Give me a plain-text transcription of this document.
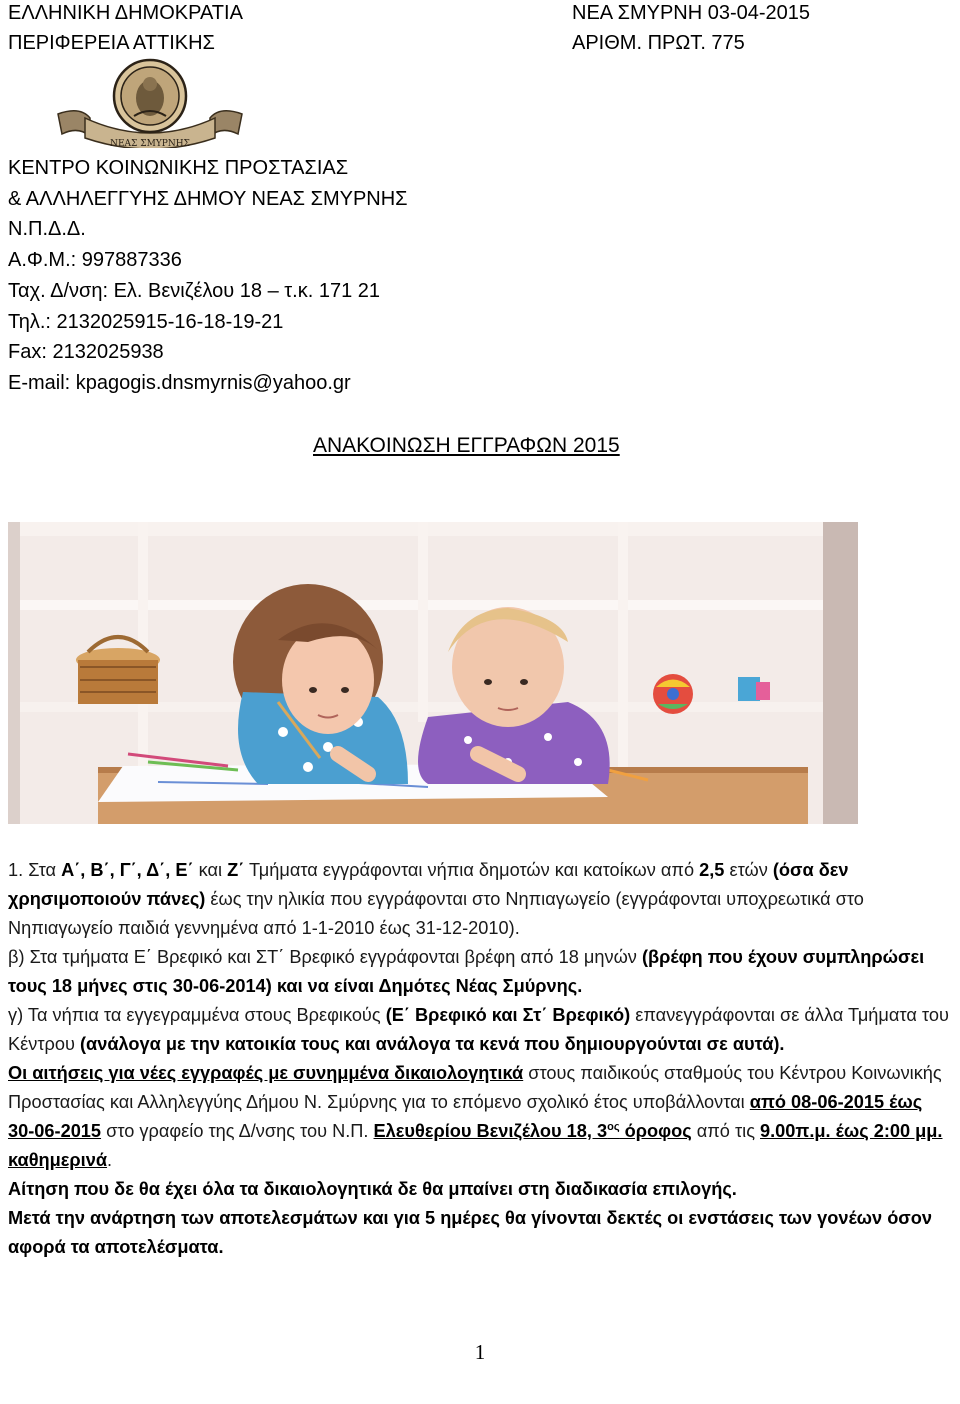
ΕΛΛΗΝΙΚΗ ΔΗΜΟΚΡΑΤΙΑ
ΠΕΡΙΦΕΡΕΙΑ ΑΤΤΙΚΗΣ
ΝΕΑ ΣΜΥΡΝΗ 03-04-2015
ΑΡΙΘΜ. ΠΡΩΤ. 775
ΝΕΑΣ ΣΜΥΡΝΗΣ
ΚΕΝΤΡΟ ΚΟΙΝΩΝΙΚΗΣ ΠΡΟΣΤΑΣΙΑΣ
& ΑΛΛΗΛΕΓΓΥΗΣ ΔΗΜΟΥ ΝΕΑΣ ΣΜΥΡΝΗΣ
Ν.Π.Δ.Δ.
Α.Φ.Μ.: 997887336
Ταχ. Δ/νση: Ελ. Βενιζέλου 18 – τ.κ. 171 21
Τηλ.: 2132025915-16-18-19-21
Fax: 2132025938
E-mail: kpagogis.dnsmyrnis@yahoo.gr
ΑΝΑΚΟΙΝΩΣΗ ΕΓΓΡΑΦΩΝ 2015

1. Στα Α΄, Β΄, Γ΄, Δ΄, Ε΄ και Ζ΄ Τμήματα εγγράφονται νήπια δημοτών και κατοίκων από 2,5 ετών (όσα δεν χρησιμοποιούν πάνες) έως την ηλικία που εγγράφονται στο Νηπιαγωγείο (εγγράφονται υποχρεωτικά στο Νηπιαγωγείο παιδιά γεννημένα από 1-1-2010 έως 31-12-2010).

β) Στα τμήματα Ε΄ Βρεφικό και ΣΤ΄ Βρεφικό εγγράφονται βρέφη από 18 μηνών (βρέφη που έχουν συμπληρώσει τους 18 μήνες στις 30-06-2014) και να είναι Δημότες Νέας Σμύρνης.

γ) Τα νήπια τα εγγεγραμμένα στους Βρεφικούς (Ε΄ Βρεφικό και Στ΄ Βρεφικό) επανεγγράφονται σε άλλα Τμήματα του Κέντρου (ανάλογα με την κατοικία τους και ανάλογα τα κενά που δημιουργούνται σε αυτά).

Οι αιτήσεις για νέες εγγραφές με συνημμένα δικαιολογητικά στους παιδικούς σταθμούς του Κέντρου Κοινωνικής Προστασίας και Αλληλεγγύης Δήμου Ν. Σμύρνης για το επόμενο σχολικό έτος υποβάλλονται από 08-06-2015 έως 30-06-2015 στο γραφείο της Δ/νσης του Ν.Π. Ελευθερίου Βενιζέλου 18, $3^{o\varsigma}$ όροφος από τις 9.00π.μ. έως 2:00 μμ. καθημερινά.

Αίτηση που δε θα έχει όλα τα δικαιολογητικά δε θα μπαίνει στη διαδικασία επιλογής.

Μετά την ανάρτηση των αποτελεσμάτων και για 5 ημέρες θα γίνονται δεκτές οι ενστάσεις των γονέων όσον αφορά τα αποτελέσματα.

1
